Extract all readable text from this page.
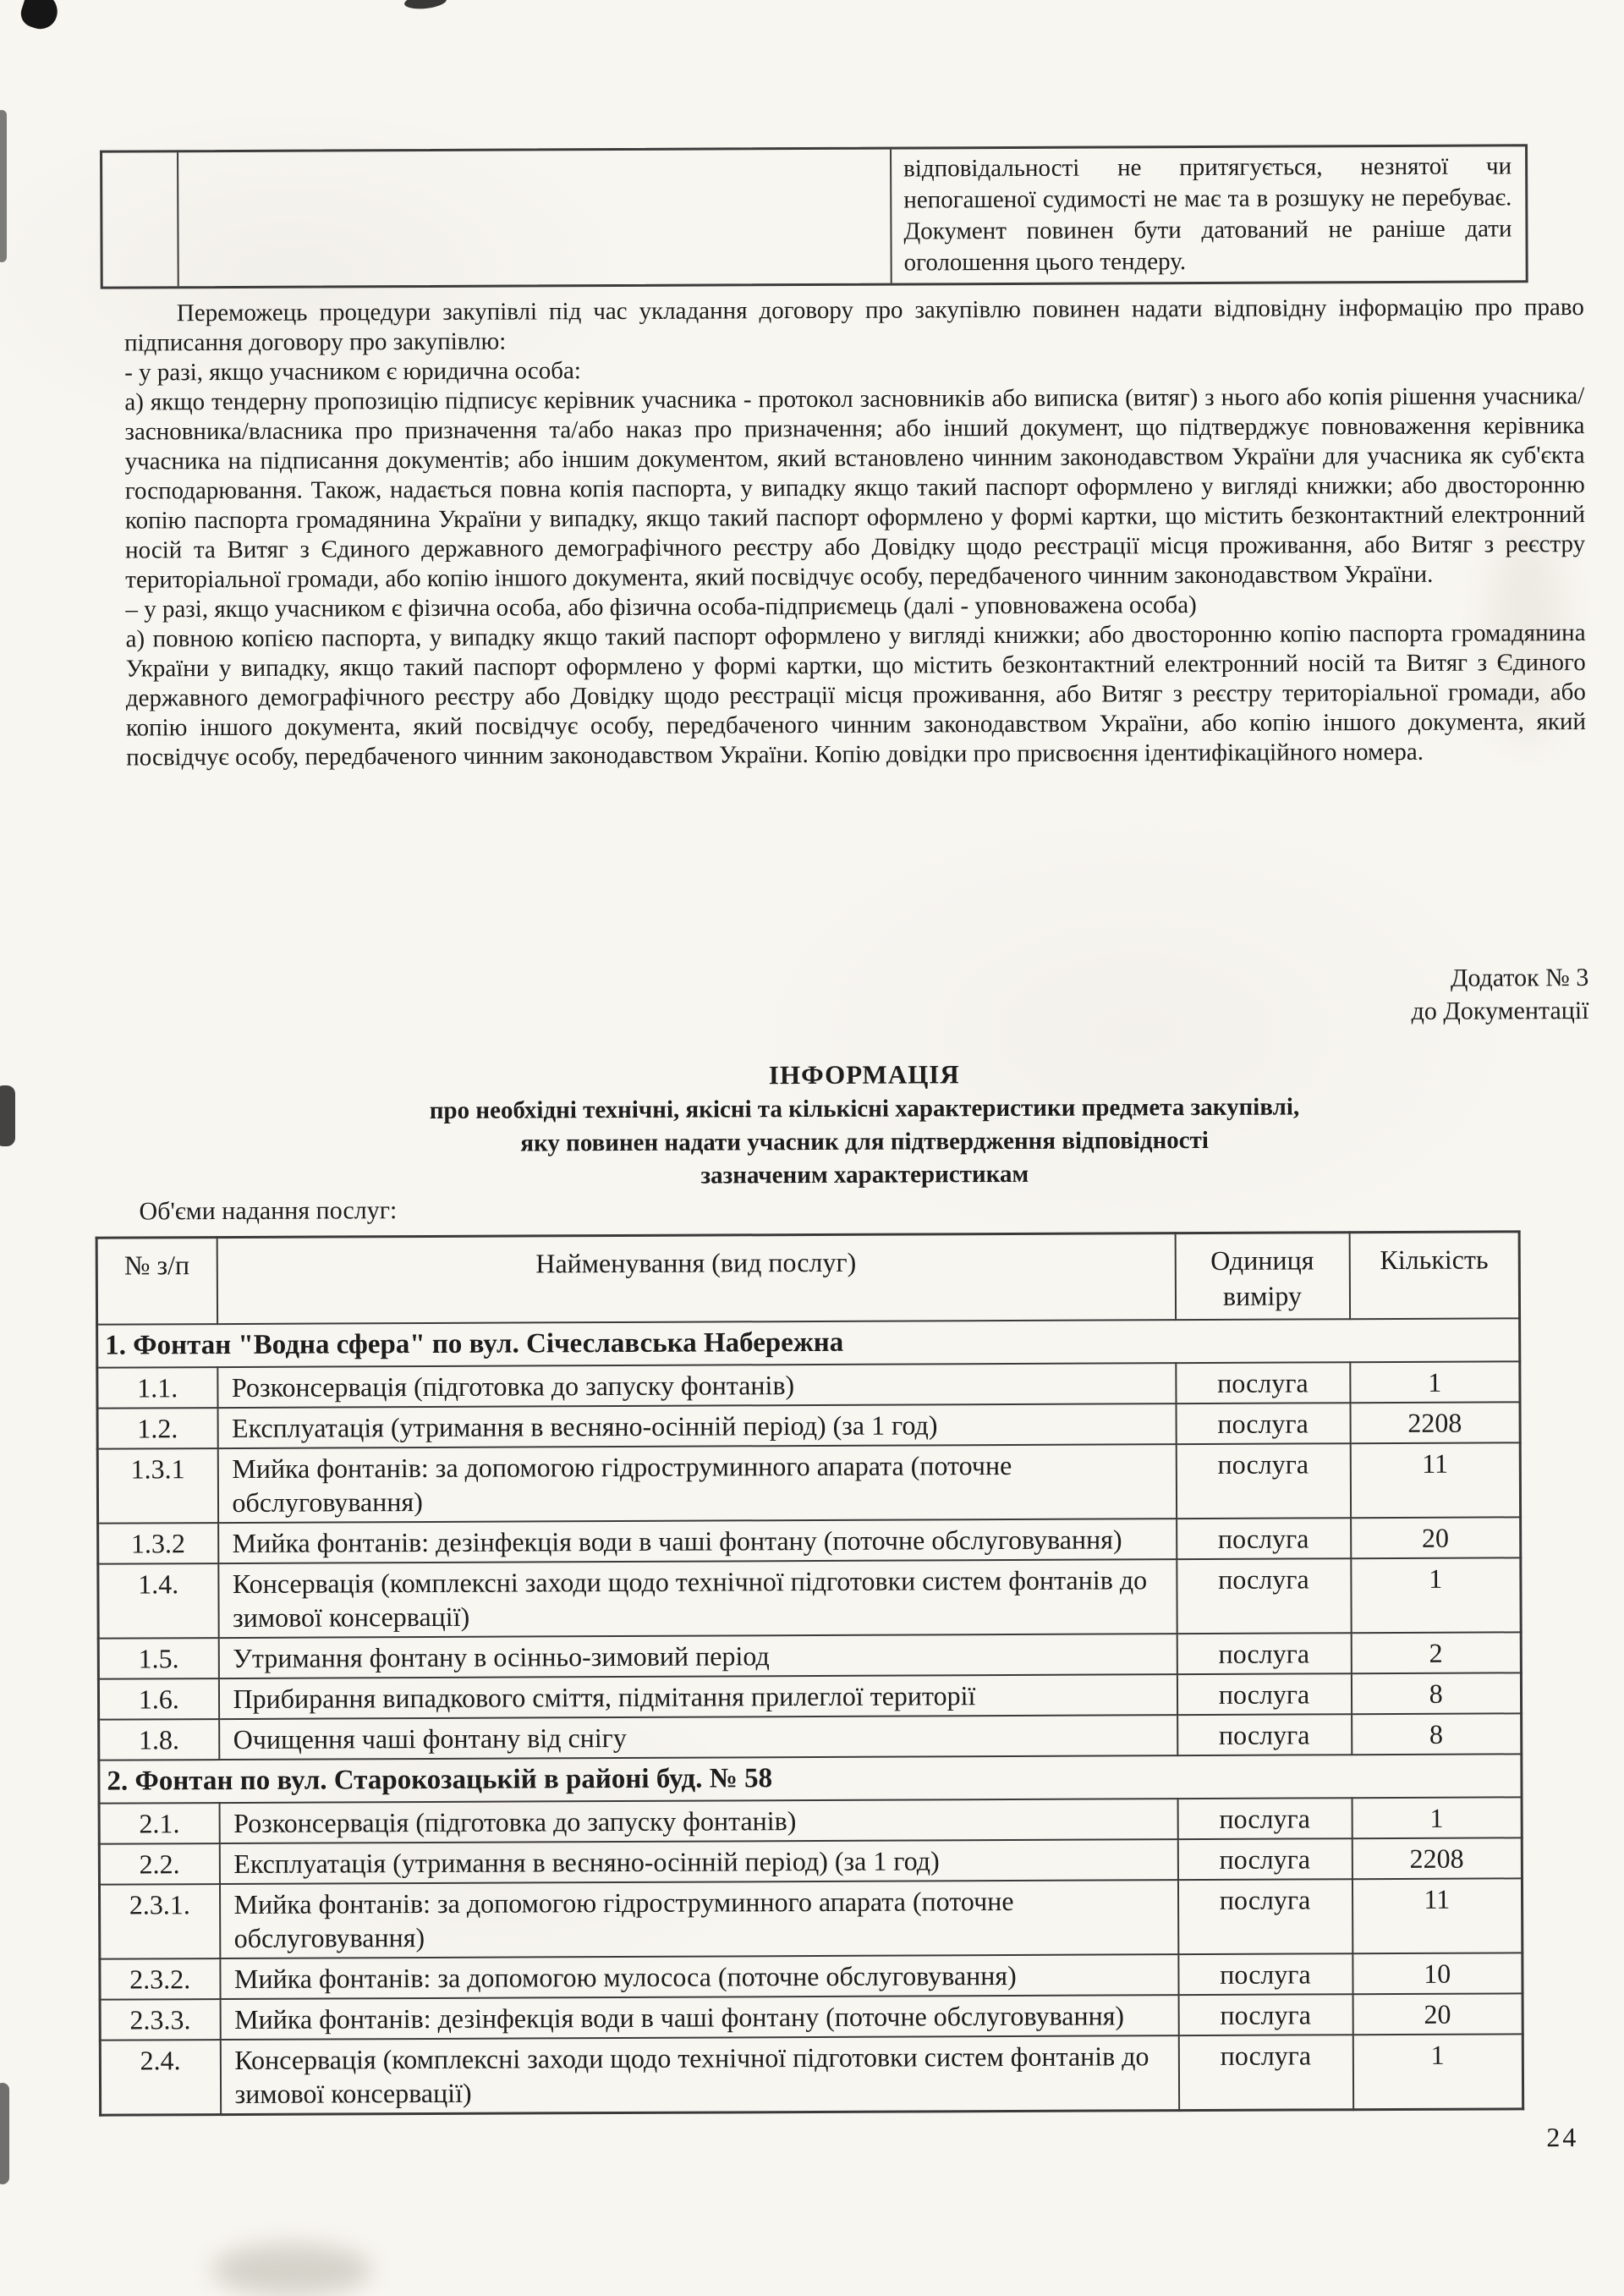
відповідальності не притягується, незнятої чи непогашеної судимості не має та в розшуку не перебуває. Документ повинен бути датований не раніше дати оголошення цього тендеру.

Переможець процедури закупівлі під час укладання договору про закупівлю повинен надати відповідну інформацію про право підписання договору про закупівлю:

- у разі, якщо учасником є юридична особа:

а) якщо тендерну пропозицію підписує керівник учасника - протокол засновників або виписка (витяг) з нього або копія рішення учасника/засновника/власника про призначення та/або наказ про призначення; або інший документ, що підтверджує повноваження керівника учасника на підписання документів; або іншим документом, який встановлено чинним законодавством України для учасника як суб'єкта господарювання. Також, надається повна копія паспорта, у випадку якщо такий паспорт оформлено у вигляді книжки; або двосторонню копію паспорта громадянина України у випадку, якщо такий паспорт оформлено у формі картки, що містить безконтактний електронний носій та Витяг з Єдиного державного демографічного реєстру або Довідку щодо реєстрації місця проживання, або Витяг з реєстру територіальної громади, або копію іншого документа, який посвідчує особу, передбаченого чинним законодавством України.

– у разі, якщо учасником є фізична особа, або фізична особа-підприємець (далі - уповноважена особа)

а) повною копією паспорта, у випадку якщо такий паспорт оформлено у вигляді книжки; або двосторонню копію паспорта громадянина України у випадку, якщо такий паспорт оформлено у формі картки, що містить безконтактний електронний носій та Витяг з Єдиного державного демографічного реєстру або Довідку щодо реєстрації місця проживання, або Витяг з реєстру територіальної громади, або копію іншого документа, який посвідчує особу, передбаченого чинним законодавством України, або копію іншого документа, який посвідчує особу, передбаченого чинним законодавством України. Копію довідки про присвоєння ідентифікаційного номера.

Додаток № 3
до Документації
ІНФОРМАЦІЯ
про необхідні технічні, якісні та кількісні характеристики предмета закупівлі,
яку повинен надати учасник для підтвердження відповідності
зазначеним характеристикам
Об'єми надання послуг:
№ з/п	Найменування (вид послуг)	Одиниця виміру	Кількість
1. Фонтан "Водна сфера" по вул. Січеславська Набережна			
1.1.	Розконсервація (підготовка до запуску фонтанів)	послуга	1
1.2.	Експлуатація (утримання в весняно-осінній період) (за 1 год)	послуга	2208
1.3.1	Мийка фонтанів: за допомогою гідроструминного апарата (поточне обслуговування)	послуга	11
1.3.2	Мийка фонтанів: дезінфекція води в чаші фонтану (поточне обслуговування)	послуга	20
1.4.	Консервація (комплексні заходи щодо технічної підготовки систем фонтанів до зимової консервації)	послуга	1
1.5.	Утримання фонтану в осінньо-зимовий період	послуга	2
1.6.	Прибирання випадкового сміття, підмітання прилеглої території	послуга	8
1.8.	Очищення чаші фонтану від снігу	послуга	8
2. Фонтан по вул. Старокозацькій в районі буд. № 58			
2.1.	Розконсервація (підготовка до запуску фонтанів)	послуга	1
2.2.	Експлуатація (утримання в весняно-осінній період) (за 1 год)	послуга	2208
2.3.1.	Мийка фонтанів: за допомогою гідроструминного апарата (поточне обслуговування)	послуга	11
2.3.2.	Мийка фонтанів: за допомогою мулососа (поточне обслуговування)	послуга	10
2.3.3.	Мийка фонтанів: дезінфекція води в чаші фонтану (поточне обслуговування)	послуга	20
2.4.	Консервація (комплексні заходи щодо технічної підготовки систем фонтанів до зимової консервації)	послуга	1
24
